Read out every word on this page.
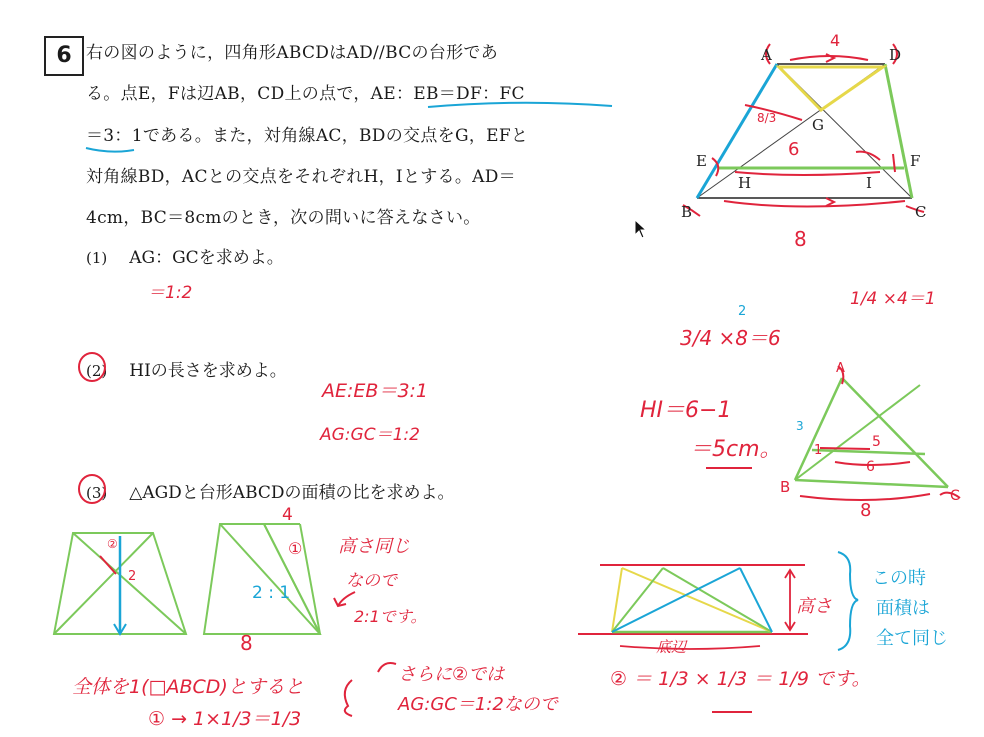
6 右の図のように，四角形ABCDはAD//BCの台形であ
る。点E，Fは辺AB，CD上の点で，AE：EB＝DF：FC
＝3：1である。また，対角線AC，BDの交点をG，EFと
対角線BD，ACとの交点をそれぞれH，Iとする。AD＝
4cm，BC＝8cmのとき，次の問いに答えなさい。
(1) AG：GCを求めよ。
(2) HIの長さを求めよ。
(3) △AGDと台形ABCDの面積の比を求めよ。
＝1:2
AE:EB＝3:1
AG:GC＝1:2
1/4 ×4＝1
3/4 ×8＝6
2
HI＝6−1
＝5cm。
高さ同じ
なので
2:1です。	高さ
底辺
この時
面積は
全て同じ
全体を1(□ABCD)とすると
① → 1×1/3＝1/3
さらに②では
AG:GC＝1:2なので
② ＝ 1/3 × 1/3 ＝ 1/9 です。
A	D
B	C
E	F
G
H	I
4
8
6
8/3
A
B	C
1
5
6
8
3
②
2
4
①
8
2 : 1
